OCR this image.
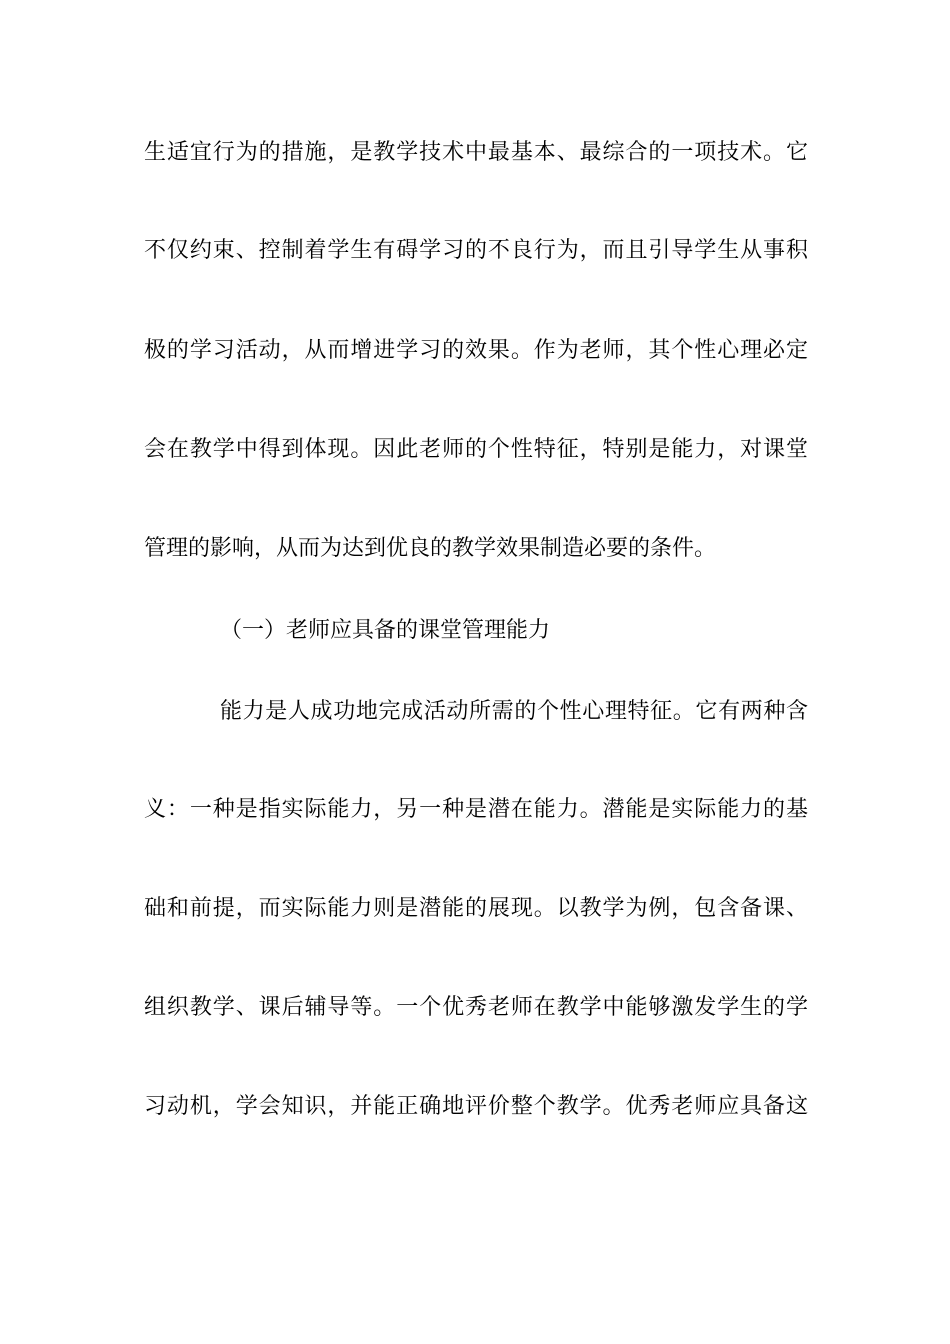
生适宜行为的措施，是教学技术中最基本、最综合的一项技术。它
不仅约束、控制着学生有碍学习的不良行为，而且引导学生从事积
极的学习活动，从而增进学习的效果。作为老师，其个性心理必定
会在教学中得到体现。因此老师的个性特征，特别是能力，对课堂
管理的影响，从而为达到优良的教学效果制造必要的条件。
（一）老师应具备的课堂管理能力
能力是人成功地完成活动所需的个性心理特征。它有两种含
义：一种是指实际能力，另一种是潜在能力。潜能是实际能力的基
础和前提，而实际能力则是潜能的展现。以教学为例，包含备课、
组织教学、课后辅导等。一个优秀老师在教学中能够激发学生的学
习动机，学会知识，并能正确地评价整个教学。优秀老师应具备这
